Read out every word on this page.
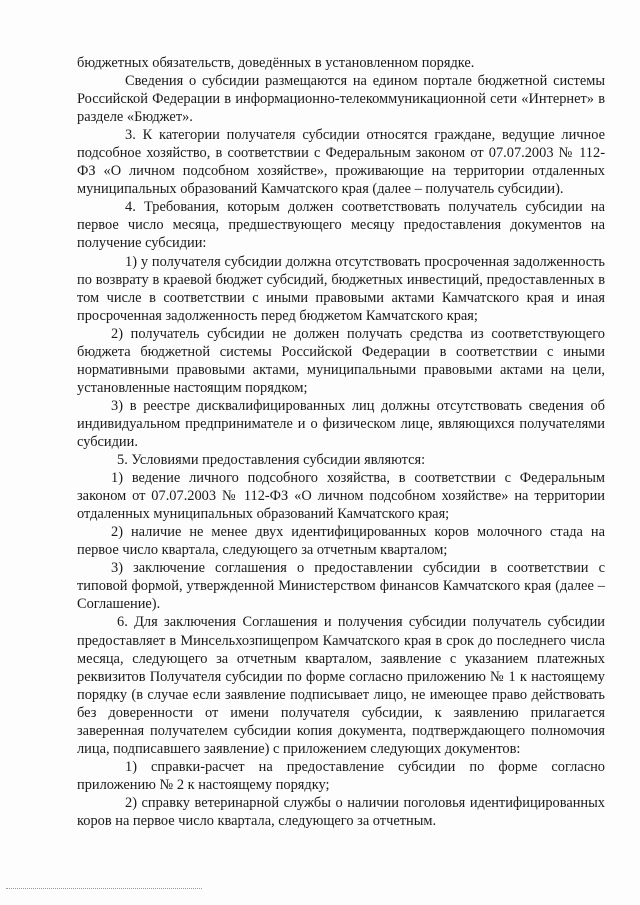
бюджетных обязательств, доведённых в установленном порядке.

Сведения о субсидии размещаются на едином портале бюджетной системы Российской Федерации в информационно-телекоммуникационной сети «Интернет» в разделе «Бюджет».

3. К категории получателя субсидии относятся граждане, ведущие личное подсобное хозяйство, в соответствии с Федеральным законом от 07.07.2003 № 112-ФЗ «О личном подсобном хозяйстве», проживающие на территории отдаленных муниципальных образований Камчатского края (далее – получатель субсидии).

4. Требования, которым должен соответствовать получатель субсидии на первое число месяца, предшествующего месяцу предоставления документов на получение субсидии:

1) у получателя субсидии должна отсутствовать просроченная задолженность по возврату в краевой бюджет субсидий, бюджетных инвестиций, предоставленных в том числе в соответствии с иными правовыми актами Камчатского края и иная просроченная задолженность перед бюджетом Камчатского края;

2) получатель субсидии не должен получать средства из соответствующего бюджета бюджетной системы Российской Федерации в соответствии с иными нормативными правовыми актами, муниципальными правовыми актами на цели, установленные настоящим порядком;

3) в реестре дисквалифицированных лиц должны отсутствовать сведения об индивидуальном предпринимателе и о физическом лице, являющихся получателями субсидии.

5. Условиями предоставления субсидии являются:

1) ведение личного подсобного хозяйства, в соответствии с Федеральным законом от 07.07.2003 № 112-ФЗ «О личном подсобном хозяйстве» на территории отдаленных муниципальных образований Камчатского края;

2) наличие не менее двух идентифицированных коров молочного стада на первое число квартала, следующего за отчетным кварталом;

3) заключение соглашения о предоставлении субсидии в соответствии с типовой формой, утвержденной Министерством финансов Камчатского края (далее – Соглашение).

6. Для заключения Соглашения и получения субсидии получатель субсидии предоставляет в Минсельхозпищепром Камчатского края в срок до последнего числа месяца, следующего за отчетным кварталом, заявление с указанием платежных реквизитов Получателя субсидии по форме согласно приложению № 1 к настоящему порядку (в случае если заявление подписывает лицо, не имеющее право действовать без доверенности от имени получателя субсидии, к заявлению прилагается заверенная получателем субсидии копия документа, подтверждающего полномочия лица, подписавшего заявление) с приложением следующих документов:

1) справки-расчет на предоставление субсидии по форме согласно приложению № 2 к настоящему порядку;

2) справку ветеринарной службы о наличии поголовья идентифицированных коров на первое число квартала, следующего за отчетным.
